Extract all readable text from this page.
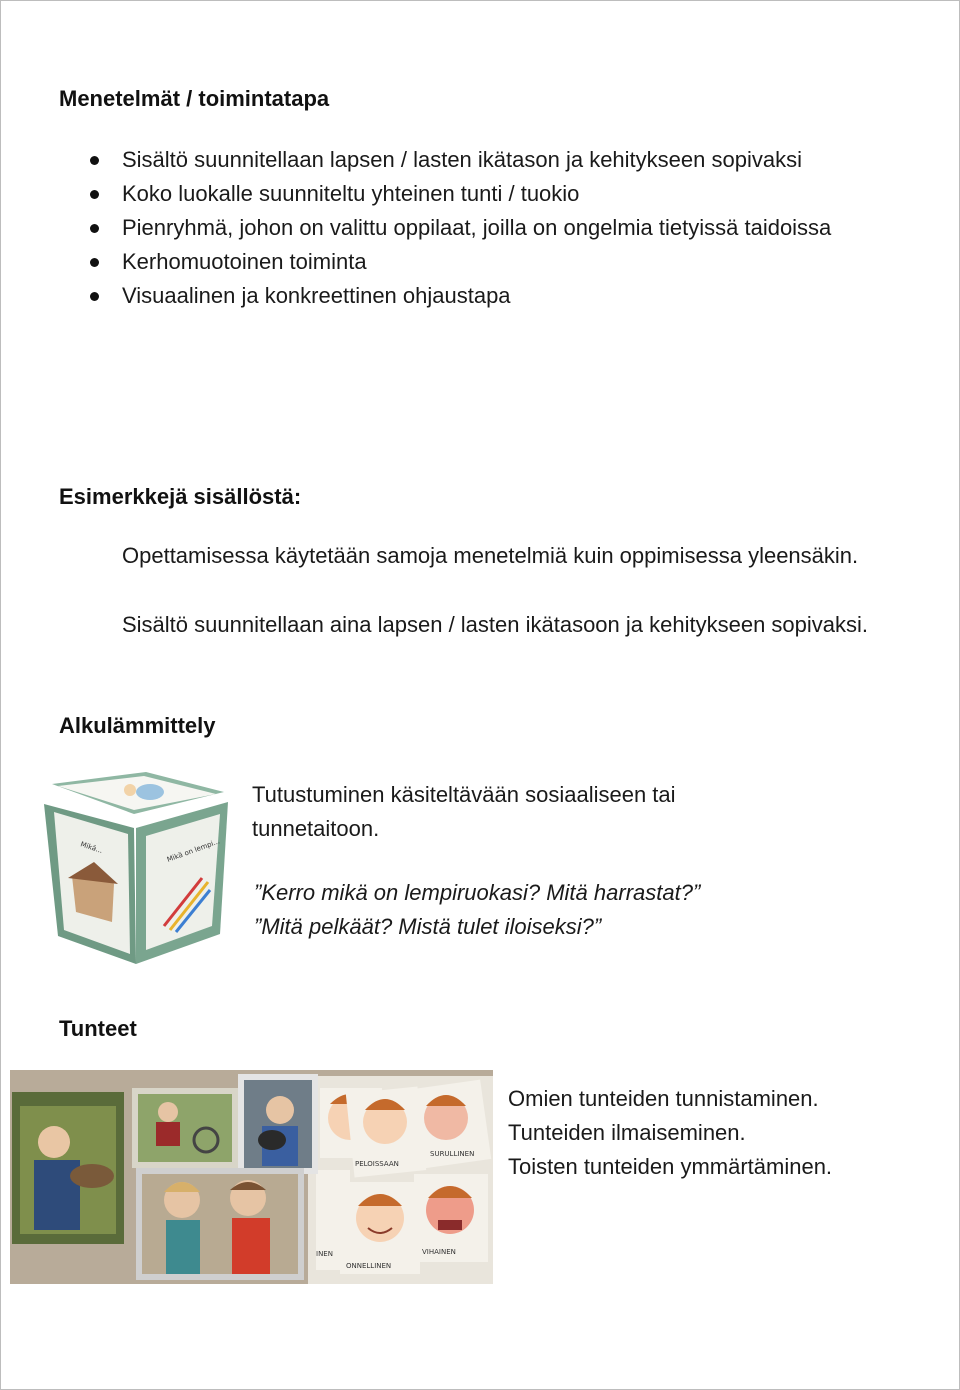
Menetelmät / toimintatapa
Sisältö suunnitellaan lapsen / lasten ikätason ja kehitykseen sopivaksi
Koko luokalle suunniteltu yhteinen tunti / tuokio
Pienryhmä, johon on valittu oppilaat, joilla on ongelmia tietyissä taidoissa
Kerhomuotoinen toiminta
Visuaalinen ja konkreettinen ohjaustapa
Esimerkkejä sisällöstä:

Opettamisessa käytetään samoja menetelmiä kuin oppimisessa yleensäkin.

Sisältö suunnitellaan aina lapsen / lasten ikätasoon ja kehitykseen sopivaksi.

Alkulämmittely
Mikä...	Mikä on lempi...
Tutustuminen käsiteltävään sosiaaliseen tai
tunnetaitoon.
”Kerro mikä on lempiruokasi? Mitä harrastat?”
”Mitä pelkäät? Mistä tulet iloiseksi?”
Tunteet
PELOISSAAN
SURULLINEN
INEN
ONNELLINEN
VIHAINEN
Omien tunteiden tunnistaminen.
Tunteiden ilmaiseminen.
Toisten tunteiden ymmärtäminen.
